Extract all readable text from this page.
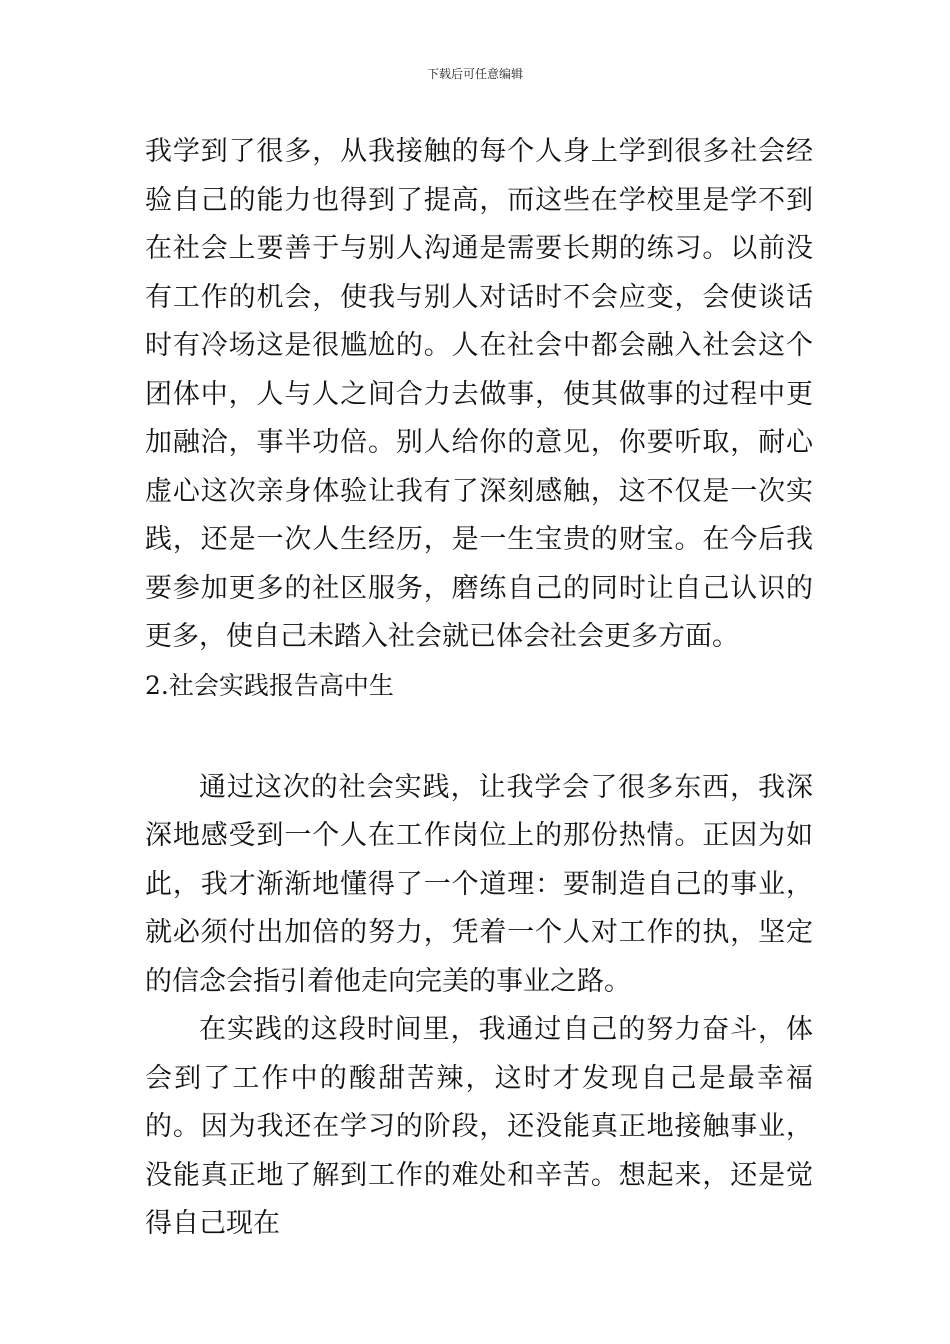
下载后可任意编辑

我学到了很多，从我接触的每个人身上学到很多社会经验自己的能力也得到了提高，而这些在学校里是学不到在社会上要善于与别人沟通是需要长期的练习。以前没有工作的机会，使我与别人对话时不会应变，会使谈话时有冷场这是很尴尬的。人在社会中都会融入社会这个团体中，人与人之间合力去做事，使其做事的过程中更加融洽，事半功倍。别人给你的意见，你要听取，耐心虚心这次亲身体验让我有了深刻感触，这不仅是一次实践，还是一次人生经历，是一生宝贵的财宝。在今后我要参加更多的社区服务，磨练自己的同时让自己认识的更多，使自己未踏入社会就已体会社会更多方面。

2.社会实践报告高中生

通过这次的社会实践，让我学会了很多东西，我深深地感受到一个人在工作岗位上的那份热情。正因为如此，我才渐渐地懂得了一个道理：要制造自己的事业，就必须付出加倍的努力，凭着一个人对工作的执，坚定的信念会指引着他走向完美的事业之路。

在实践的这段时间里，我通过自己的努力奋斗，体会到了工作中的酸甜苦辣，这时才发现自己是最幸福的。因为我还在学习的阶段，还没能真正地接触事业，没能真正地了解到工作的难处和辛苦。想起来，还是觉得自己现在
